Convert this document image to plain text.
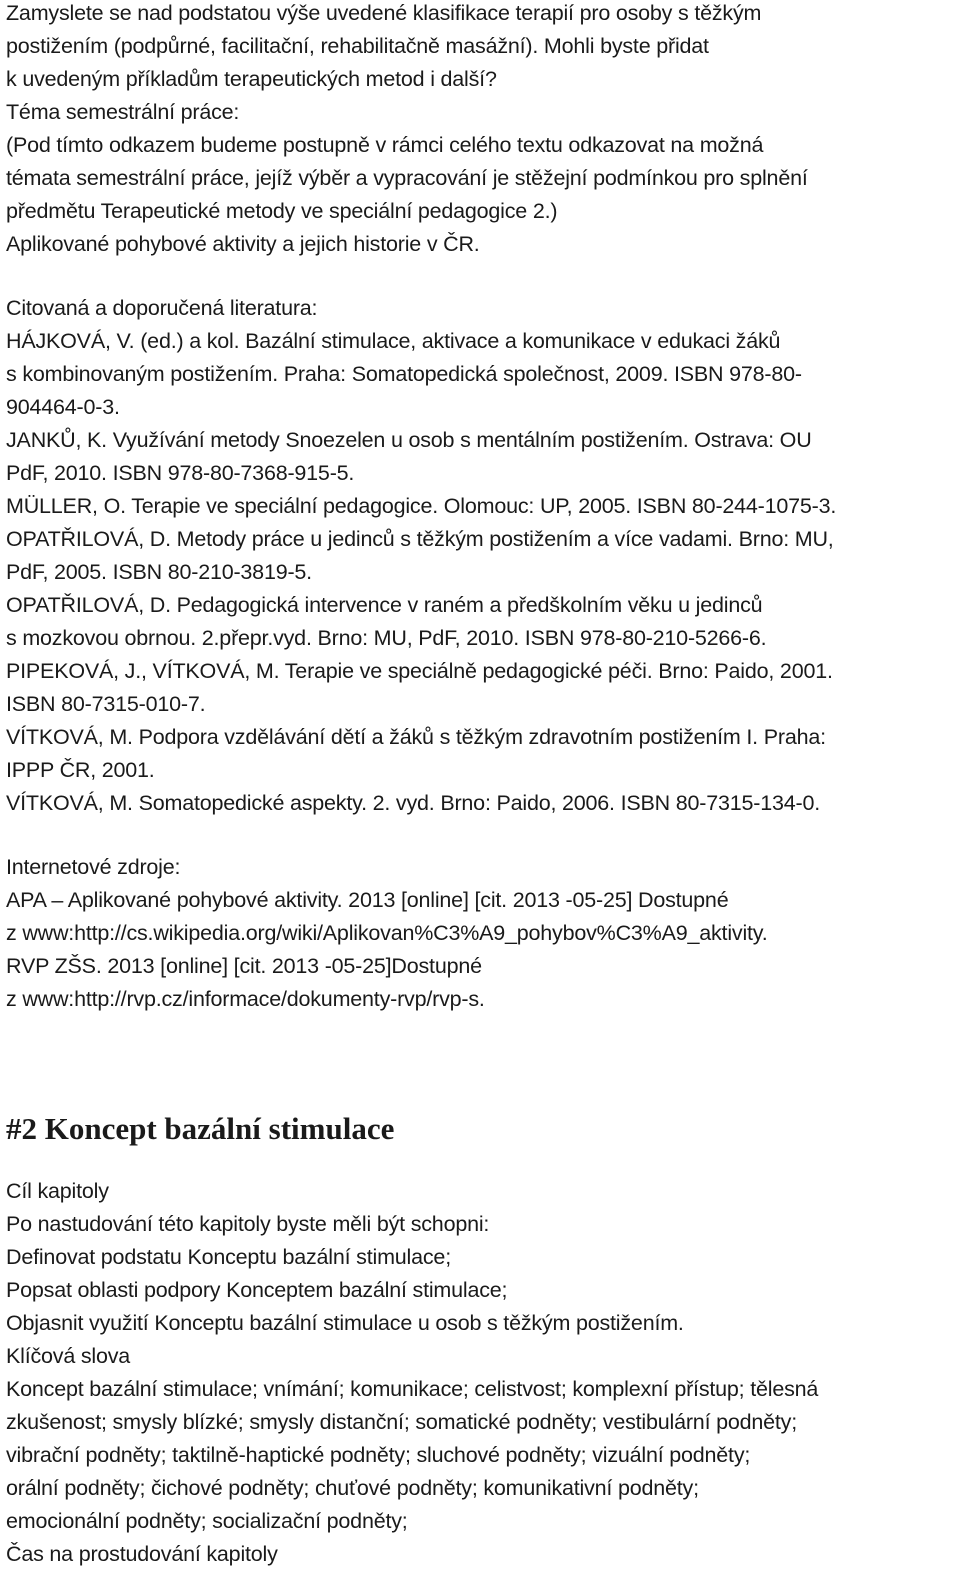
Zamyslete se nad podstatou výše uvedené klasifikace terapií pro osoby s těžkým

postižením (podpůrné, facilitační, rehabilitačně masážní). Mohli byste přidat

k uvedeným příkladům terapeutických metod i další?

Téma semestrální práce:

(Pod tímto odkazem budeme postupně v rámci celého textu odkazovat na možná

témata semestrální práce, jejíž výběr a vypracování je stěžejní podmínkou pro splnění

předmětu Terapeutické metody ve speciální pedagogice 2.)

Aplikované pohybové aktivity a jejich historie v ČR.

Citovaná a doporučená literatura:

HÁJKOVÁ, V. (ed.) a kol. Bazální stimulace, aktivace a komunikace v edukaci žáků

s kombinovaným postižením. Praha: Somatopedická společnost, 2009. ISBN 978-80-

904464-0-3.

JANKŮ, K. Využívání metody Snoezelen u osob s mentálním postižením. Ostrava: OU

PdF, 2010. ISBN 978-80-7368-915-5.

MÜLLER, O. Terapie ve speciální pedagogice. Olomouc: UP, 2005. ISBN 80-244-1075-3.

OPATŘILOVÁ, D. Metody práce u jedinců s těžkým postižením a více vadami. Brno: MU,

PdF, 2005. ISBN 80-210-3819-5.

OPATŘILOVÁ, D. Pedagogická intervence v raném a předškolním věku u jedinců

s mozkovou obrnou. 2.přepr.vyd. Brno: MU, PdF, 2010. ISBN 978-80-210-5266-6.

PIPEKOVÁ, J., VÍTKOVÁ, M. Terapie ve speciálně pedagogické péči. Brno: Paido, 2001.

ISBN 80-7315-010-7.

VÍTKOVÁ, M. Podpora vzdělávání dětí a žáků s těžkým zdravotním postižením I. Praha:

IPPP ČR, 2001.

VÍTKOVÁ, M. Somatopedické aspekty. 2. vyd. Brno: Paido, 2006. ISBN 80-7315-134-0.

Internetové zdroje:

APA – Aplikované pohybové aktivity. 2013 [online] [cit. 2013 -05-25] Dostupné

z www:http://cs.wikipedia.org/wiki/Aplikovan%C3%A9_pohybov%C3%A9_aktivity.

RVP ZŠS. 2013 [online] [cit. 2013 -05-25]Dostupné

z www:http://rvp.cz/informace/dokumenty-rvp/rvp-s.

#2 Koncept bazální stimulace

Cíl kapitoly

Po nastudování této kapitoly byste měli být schopni:

Definovat podstatu Konceptu bazální stimulace;

Popsat oblasti podpory Konceptem bazální stimulace;

Objasnit využití Konceptu bazální stimulace u osob s těžkým postižením.

Klíčová slova

Koncept bazální stimulace; vnímání; komunikace; celistvost; komplexní přístup; tělesná

zkušenost; smysly blízké; smysly distanční; somatické podněty; vestibulární podněty;

vibrační podněty; taktilně-haptické podněty; sluchové podněty; vizuální podněty;

orální podněty; čichové podněty; chuťové podněty; komunikativní podněty;

emocionální podněty; socializační podněty;

Čas na prostudování kapitoly
